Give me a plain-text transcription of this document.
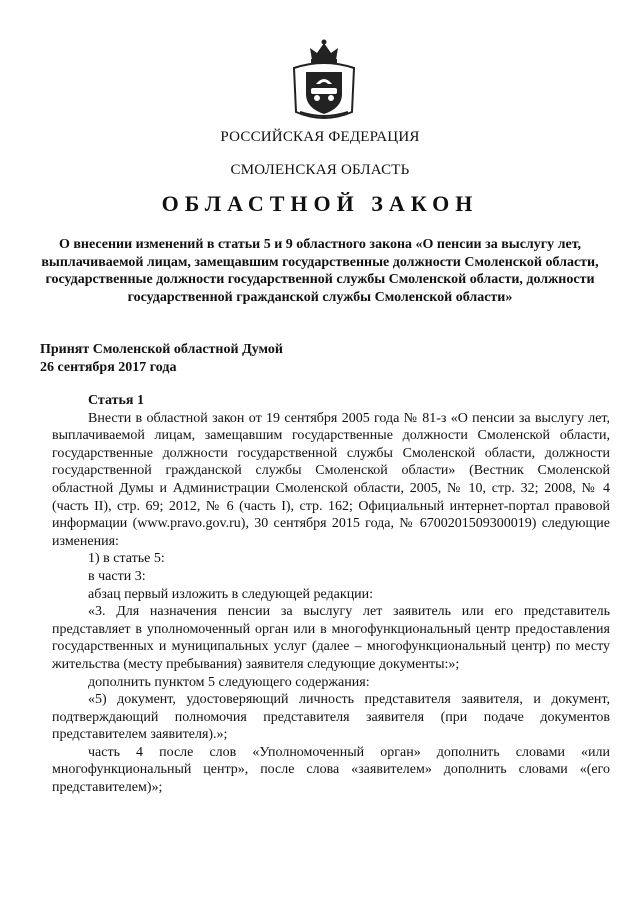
РОССИЙСКАЯ ФЕДЕРАЦИЯ
СМОЛЕНСКАЯ ОБЛАСТЬ
ОБЛАСТНОЙ ЗАКОН
О внесении изменений в статьи 5 и 9 областного закона «О пенсии за выслугу лет, выплачиваемой лицам, замещавшим государственные должности Смоленской области, государственные должности государственной службы Смоленской области, должности государственной гражданской службы Смоленской области»
Принят Смоленской областной Думой
26 сентября 2017 года

Статья 1

Внести в областной закон от 19 сентября 2005 года № 81-з «О пенсии за выслугу лет, выплачиваемой лицам, замещавшим государственные должности Смоленской области, государственные должности государственной службы Смоленской области, должности государственной гражданской службы Смоленской области» (Вестник Смоленской областной Думы и Администрации Смоленской области, 2005, № 10, стр. 32; 2008, № 4 (часть II), стр. 69; 2012, № 6 (часть I), стр. 162; Официальный интернет-портал правовой информации (www.pravo.gov.ru), 30 сентября 2015 года, № 6700201509300019) следующие изменения:

1) в статье 5:

в части 3:

абзац первый изложить в следующей редакции:

«3. Для назначения пенсии за выслугу лет заявитель или его представитель представляет в уполномоченный орган или в многофункциональный центр предоставления государственных и муниципальных услуг (далее – многофункциональный центр) по месту жительства (месту пребывания) заявителя следующие документы:»;

дополнить пунктом 5 следующего содержания:

«5) документ, удостоверяющий личность представителя заявителя, и документ, подтверждающий полномочия представителя заявителя (при подаче документов представителем заявителя).»;

часть 4 после слов «Уполномоченный орган» дополнить словами «или многофункциональный центр», после слова «заявителем» дополнить словами «(его представителем)»;
